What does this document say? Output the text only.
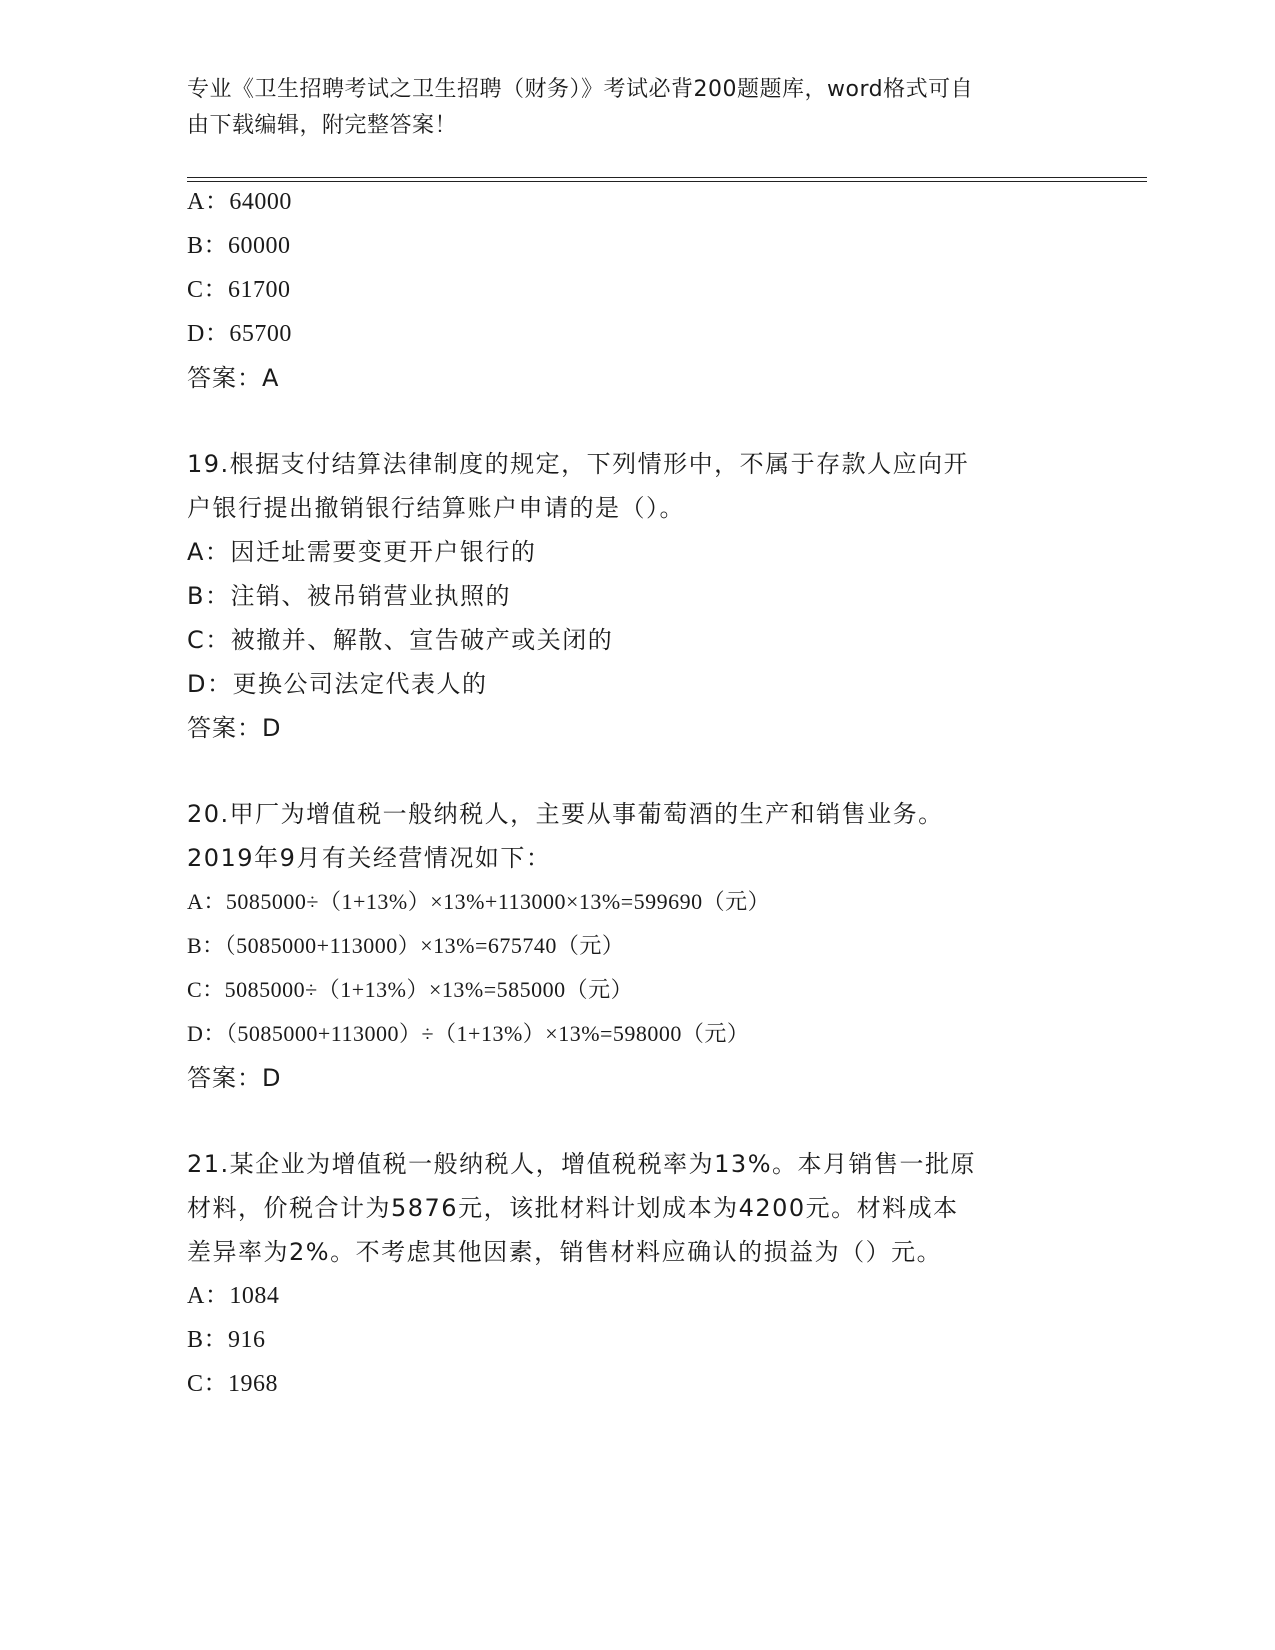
专业《卫生招聘考试之卫生招聘（财务）》考试必背200题题库，word格式可自
由下载编辑，附完整答案！
A：64000
B：60000
C：61700
D：65700
答案：A
19.根据支付结算法律制度的规定，下列情形中，不属于存款人应向开
户银行提出撤销银行结算账户申请的是（）。
A：因迁址需要变更开户银行的
B：注销、被吊销营业执照的
C：被撤并、解散、宣告破产或关闭的
D：更换公司法定代表人的
答案：D
20.甲厂为增值税一般纳税人，主要从事葡萄酒的生产和销售业务。
2019年9月有关经营情况如下：
A：5085000÷（1+13%）×13%+113000×13%=599690（元）
B：（5085000+113000）×13%=675740（元）
C：5085000÷（1+13%）×13%=585000（元）
D：（5085000+113000）÷（1+13%）×13%=598000（元）
答案：D
21.某企业为增值税一般纳税人，增值税税率为13%。本月销售一批原
材料，价税合计为5876元，该批材料计划成本为4200元。材料成本
差异率为2%。不考虑其他因素，销售材料应确认的损益为（）元。
A：1084
B：916
C：1968
